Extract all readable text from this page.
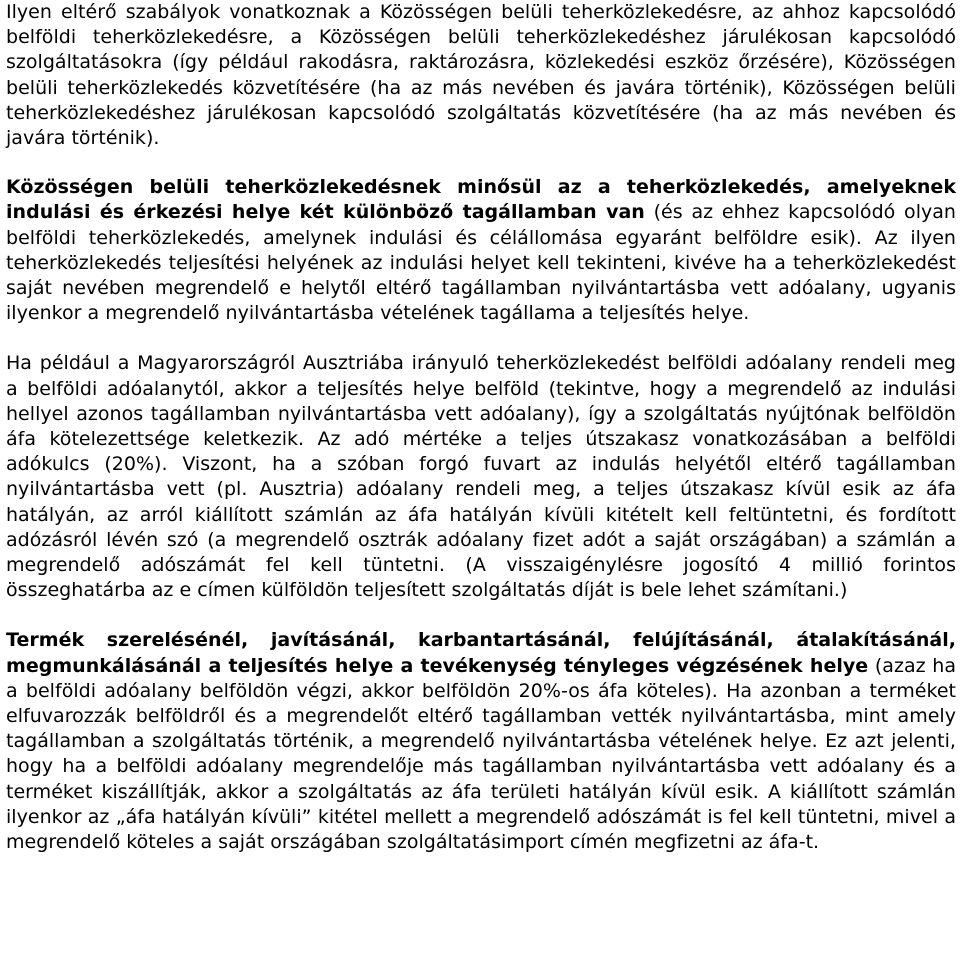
Ilyen eltérő szabályok vonatkoznak a Közösségen belüli teherközlekedésre, az ahhoz kapcsolódó belföldi teherközlekedésre, a Közösségen belüli teherközlekedéshez járulékosan kapcsolódó szolgáltatásokra (így például rakodásra, raktározásra, közlekedési eszköz őrzésére), Közösségen belüli teherközlekedés közvetítésére (ha az más nevében és javára történik), Közösségen belüli teherközlekedéshez járulékosan kapcsolódó szolgáltatás közvetítésére (ha az más nevében és javára történik).

Közösségen belüli teherközlekedésnek minősül az a teherközlekedés, amelyeknek indulási és érkezési helye két különböző tagállamban van (és az ehhez kapcsolódó olyan belföldi teherközlekedés, amelynek indulási és célállomása egyaránt belföldre esik). Az ilyen teherközlekedés teljesítési helyének az indulási helyet kell tekinteni, kivéve ha a teherközlekedést saját nevében megrendelő e helytől eltérő tagállamban nyilvántartásba vett adóalany, ugyanis ilyenkor a megrendelő nyilvántartásba vételének tagállama a teljesítés helye.

Ha például a Magyarországról Ausztriába irányuló teherközlekedést belföldi adóalany rendeli meg a belföldi adóalanytól, akkor a teljesítés helye belföld (tekintve, hogy a megrendelő az indulási hellyel azonos tagállamban nyilvántartásba vett adóalany), így a szolgáltatás nyújtónak belföldön áfa kötelezettsége keletkezik. Az adó mértéke a teljes útszakasz vonatkozásában a belföldi adókulcs (20%). Viszont, ha a szóban forgó fuvart az indulás helyétől eltérő tagállamban nyilvántartásba vett (pl. Ausztria) adóalany rendeli meg, a teljes útszakasz kívül esik az áfa hatályán, az arról kiállított számlán az áfa hatályán kívüli kitételt kell feltüntetni, és fordított adózásról lévén szó (a megrendelő osztrák adóalany fizet adót a saját országában) a számlán a megrendelő adószámát fel kell tüntetni. (A visszaigénylésre jogosító 4 millió forintos összeghatárba az e címen külföldön teljesített szolgáltatás díját is bele lehet számítani.)

Termék szerelésénél, javításánál, karbantartásánál, felújításánál, átalakításánál, megmunkálásánál a teljesítés helye a tevékenység tényleges végzésének helye (azaz ha a belföldi adóalany belföldön végzi, akkor belföldön 20%-os áfa köteles). Ha azonban a terméket elfuvarozzák belföldről és a megrendelőt eltérő tagállamban vették nyilvántartásba, mint amely tagállamban a szolgáltatás történik, a megrendelő nyilvántartásba vételének helye. Ez azt jelenti, hogy ha a belföldi adóalany megrendelője más tagállamban nyilvántartásba vett adóalany és a terméket kiszállítják, akkor a szolgáltatás az áfa területi hatályán kívül esik. A kiállított számlán ilyenkor az „áfa hatályán kívüli” kitétel mellett a megrendelő adószámát is fel kell tüntetni, mivel a megrendelő köteles a saját országában szolgáltatásimport címén megfizetni az áfa-t.
